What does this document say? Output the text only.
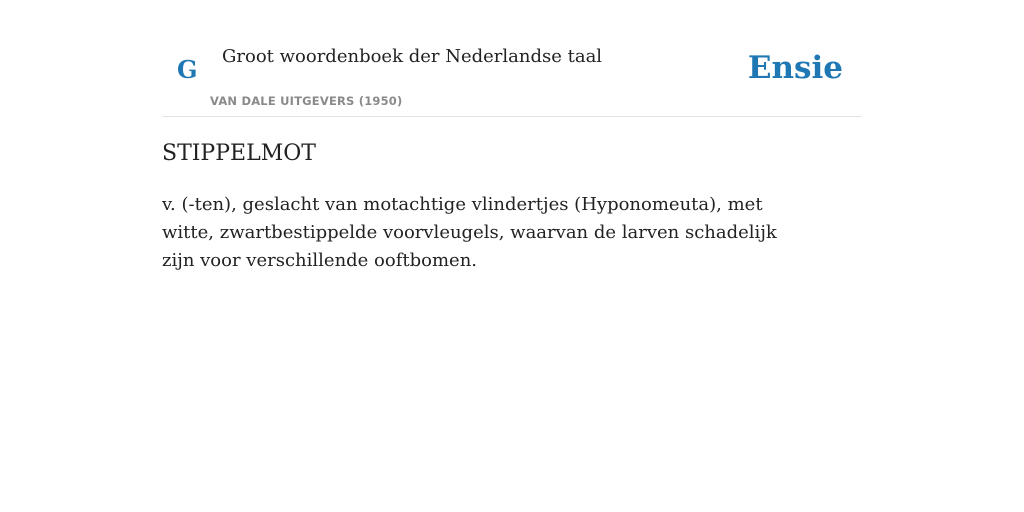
G Groot woordenboek der Nederlandse taal
VAN DALE UITGEVERS (1950)
Ensie
STIPPELMOT

v. (-ten), geslacht van motachtige vlindertjes (Hyponomeuta), met witte, zwartbestippelde voorvleugels, waarvan de larven schadelijk zijn voor verschillende ooftbomen.
